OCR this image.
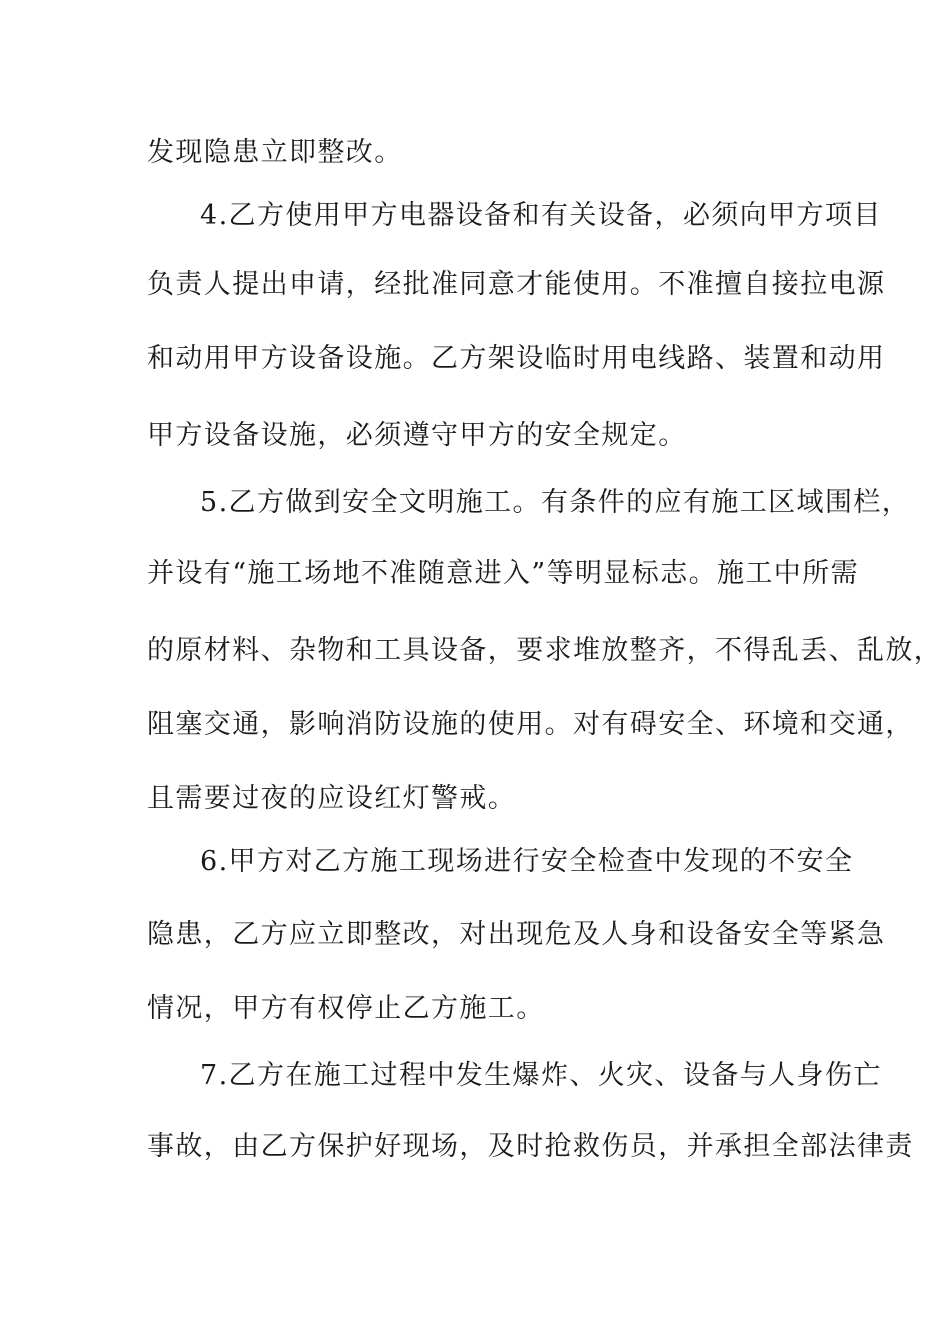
发现隐患立即整改。
4.乙方使用甲方电器设备和有关设备，必须向甲方项目
负责人提出申请，经批准同意才能使用。不准擅自接拉电源
和动用甲方设备设施。乙方架设临时用电线路、装置和动用
甲方设备设施，必须遵守甲方的安全规定。
5.乙方做到安全文明施工。有条件的应有施工区域围栏，
并设有“施工场地不准随意进入”等明显标志。施工中所需
的原材料、杂物和工具设备，要求堆放整齐，不得乱丢、乱放，
阻塞交通，影响消防设施的使用。对有碍安全、环境和交通，
且需要过夜的应设红灯警戒。
6.甲方对乙方施工现场进行安全检查中发现的不安全
隐患，乙方应立即整改，对出现危及人身和设备安全等紧急
情况，甲方有权停止乙方施工。
7.乙方在施工过程中发生爆炸、火灾、设备与人身伤亡
事故，由乙方保护好现场，及时抢救伤员，并承担全部法律责
